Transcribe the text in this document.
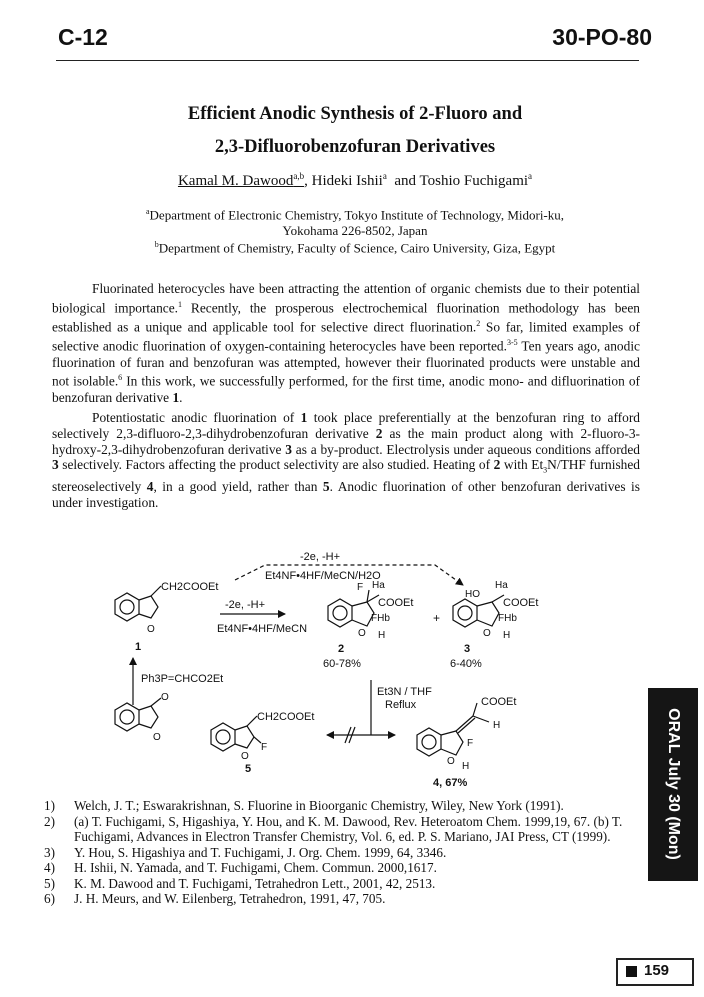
C-12	30-PO-80
Efficient Anodic Synthesis of 2-Fluoro and
2,3-Difluorobenzofuran Derivatives
Kamal M. Dawood$^{a,b}$, Hideki Ishii$^a$ and Toshio Fuchigami$^a$
$^a$Department of Electronic Chemistry, Tokyo Institute of Technology, Midori-ku,
Yokohama 226-8502, Japan
$^b$Department of Chemistry, Faculty of Science, Cairo University, Giza, Egypt
Fluorinated heterocycles have been attracting the attention of organic chemists due to their potential biological importance.$^1$ Recently, the prosperous electrochemical fluorination methodology has been established as a unique and applicable tool for selective direct fluorination.$^2$ So far, limited examples of selective anodic fluorination of oxygen-containing heterocycles have been reported.$^{3-5}$ Ten years ago, anodic fluorination of furan and benzofuran was attempted, however their fluorinated products were unstable and not isolable.$^6$ In this work, we successfully performed, for the first time, anodic mono- and difluorination of benzofuran derivative 1.
Potentiostatic anodic fluorination of 1 took place preferentially at the benzofuran ring to afford selectively 2,3-difluoro-2,3-dihydrobenzofuran derivative 2 as the main product along with 2-fluoro-3-hydroxy-2,3-dihydrobenzofuran derivative 3 as a by-product. Electrolysis under aqueous conditions afforded 3 selectively. Factors affecting the product selectivity are also studied. Heating of 2 with $Et_3N$/THF furnished stereoselectively 4, in a good yield, rather than 5. Anodic fluorination of other benzofuran derivatives is under investigation.
CH2COOEt
O
1
-2e, -H+
Et4NF•4HF/MeCN
-2e, -H+
Et4NF•4HF/MeCN/H2O
F Ha
COOEt
FHb
O H
2
60-78%
+
HO
Ha
COOEt
FHb
O H
3
6-40%
Ph3P=CHCO2Et
O
O
Et3N / THF
Reflux
CH2COOEt
F
O
5
COOEt
H
F
O H
4, 67%
1) Welch, J. T.; Eswarakrishnan, S. Fluorine in Bioorganic Chemistry, Wiley, New York (1991).
2) (a) T. Fuchigami, S, Higashiya, Y. Hou, and K. M. Dawood, Rev. Heteroatom Chem. 1999,19, 67. (b) T. Fuchigami, Advances in Electron Transfer Chemistry, Vol. 6, ed. P. S. Mariano, JAI Press, CT (1999).
3) Y. Hou, S. Higashiya and T. Fuchigami, J. Org. Chem. 1999, 64, 3346.
4) H. Ishii, N. Yamada, and T. Fuchigami, Chem. Commun. 2000,1617.
5) K. M. Dawood and T. Fuchigami, Tetrahedron Lett., 2001, 42, 2513.
6) J. H. Meurs, and W. Eilenberg, Tetrahedron, 1991, 47, 705.
ORAL July 30 (Mon)
159
